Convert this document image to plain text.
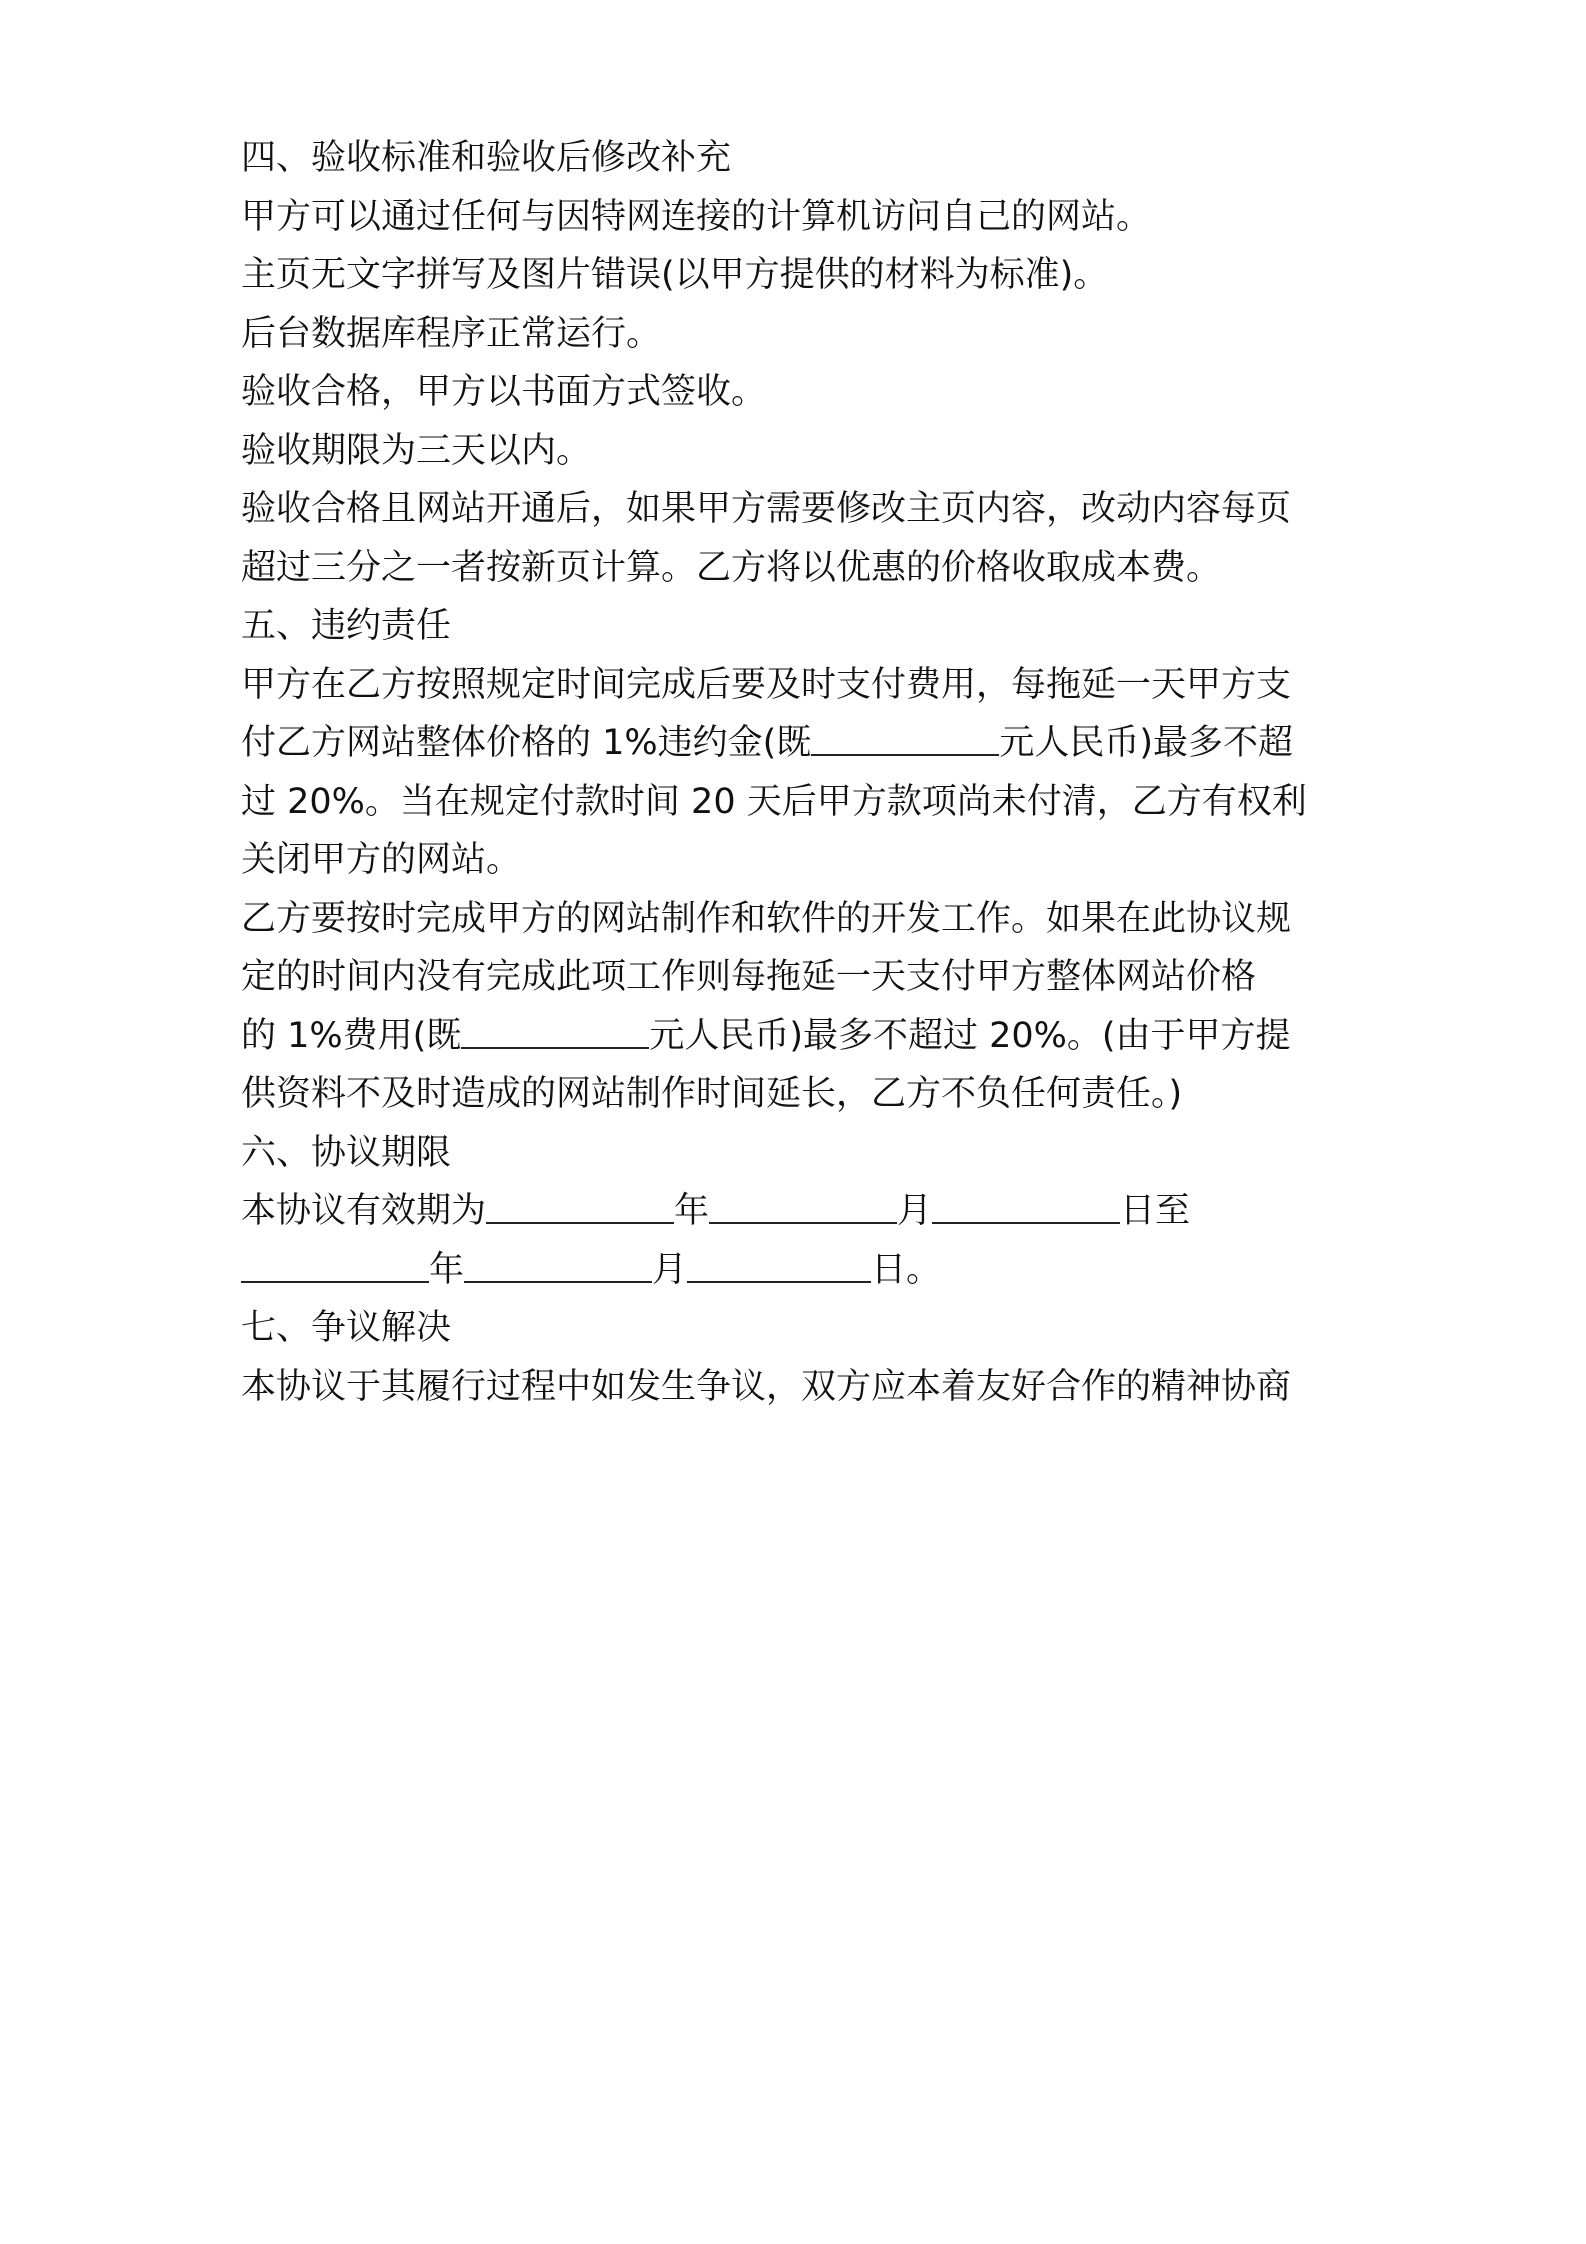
四、验收标准和验收后修改补充
甲方可以通过任何与因特网连接的计算机访问自己的网站。
主页无文字拼写及图片错误(以甲方提供的材料为标准)。
后台数据库程序正常运行。
验收合格，甲方以书面方式签收。
验收期限为三天以内。
验收合格且网站开通后，如果甲方需要修改主页内容，改动内容每页
超过三分之一者按新页计算。乙方将以优惠的价格收取成本费。
五、违约责任
甲方在乙方按照规定时间完成后要及时支付费用，每拖延一天甲方支
付乙方网站整体价格的 1%违约金(既	元人民币)最多不超
过 20%。当在规定付款时间 20 天后甲方款项尚未付清，乙方有权利
关闭甲方的网站。
乙方要按时完成甲方的网站制作和软件的开发工作。如果在此协议规
定的时间内没有完成此项工作则每拖延一天支付甲方整体网站价格
的 1%费用(既	元人民币)最多不超过 20%。(由于甲方提
供资料不及时造成的网站制作时间延长，乙方不负任何责任。)
六、协议期限
本协议有效期为	年	月	日至
年	月	日。
七、争议解决
本协议于其履行过程中如发生争议，双方应本着友好合作的精神协商
